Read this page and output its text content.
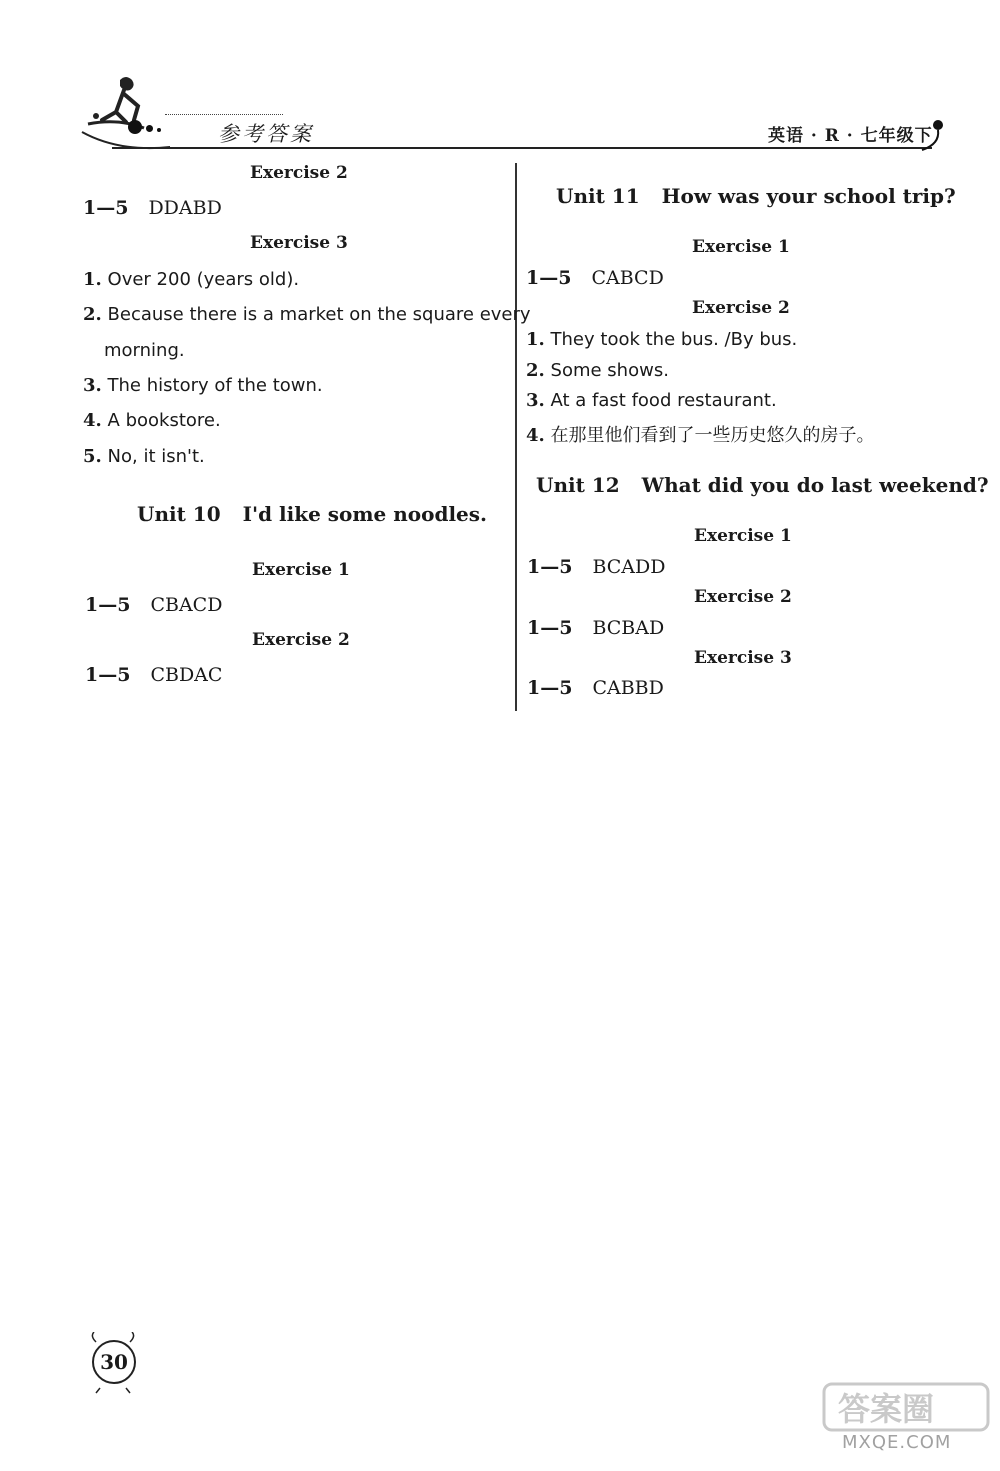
参考答案	英语 · R · 七年级下
Exercise 2
1—5 DDABD
Exercise 3
1. Over 200 (years old).
2. Because there is a market on the square every
morning.
3. The history of the town.
4. A bookstore.
5. No, it isn't.
Unit 10 I'd like some noodles.
Exercise 1
1—5 CBACD
Exercise 2
1—5 CBDAC
Unit 11 How was your school trip?
Exercise 1
1—5 CABCD
Exercise 2
1. They took the bus. /By bus.
2. Some shows.
3. At a fast food restaurant.
4. 在那里他们看到了一些历史悠久的房子。
Unit 12 What did you do last weekend?
Exercise 1
1—5 BCADD
Exercise 2
1—5 BCBAD
Exercise 3
1—5 CABBD
30
答案圈
MXQE.COM
